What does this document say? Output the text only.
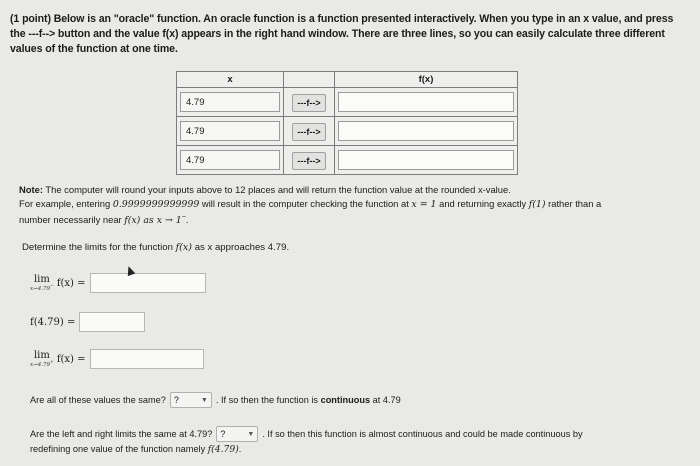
(1 point) Below is an "oracle" function. An oracle function is a function presented interactively. When you type in an x value, and press the ---f--> button and the value f(x) appears in the right hand window. There are three lines, so you can easily calculate three different values of the function at one time.
x		f(x)

4.79	---f-->	

4.79	---f-->	

4.79	---f-->	
Note: The computer will round your inputs above to 12 places and will return the function value at the rounded x-value.
For example, entering 0.9999999999999 will result in the computer checking the function at x = 1 and returning exactly f(1) rather than a
number necessarily near f(x) as x → 1−.
Determine the limits for the function f(x) as x approaches 4.79.
lim
x→4.79− f(x) =
f(4.79) =
lim
x→4.79+ f(x) =
Are all of these values the same? ?	▼ . If so then the function is
continuous
at 4.79
Are the left and right limits the same at 4.79? ?	▼ . If so then this function is almost continuous and could be made continuous by
redefining one value of the function namely f(4.79).
